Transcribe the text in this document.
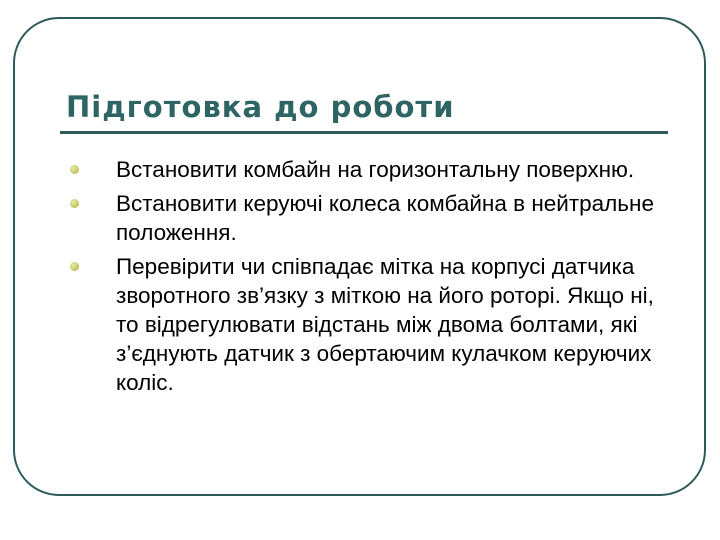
Підготовка до роботи
Встановити комбайн на горизонтальну поверхню.
Встановити керуючі колеса комбайна в нейтральне положення.
Перевірити чи співпадає мітка на корпусі датчика зворотного зв’язку з міткою на його роторі. Якщо ні, то відрегулювати відстань між двома болтами, які з’єднують датчик з обертаючим кулачком керуючих коліс.
